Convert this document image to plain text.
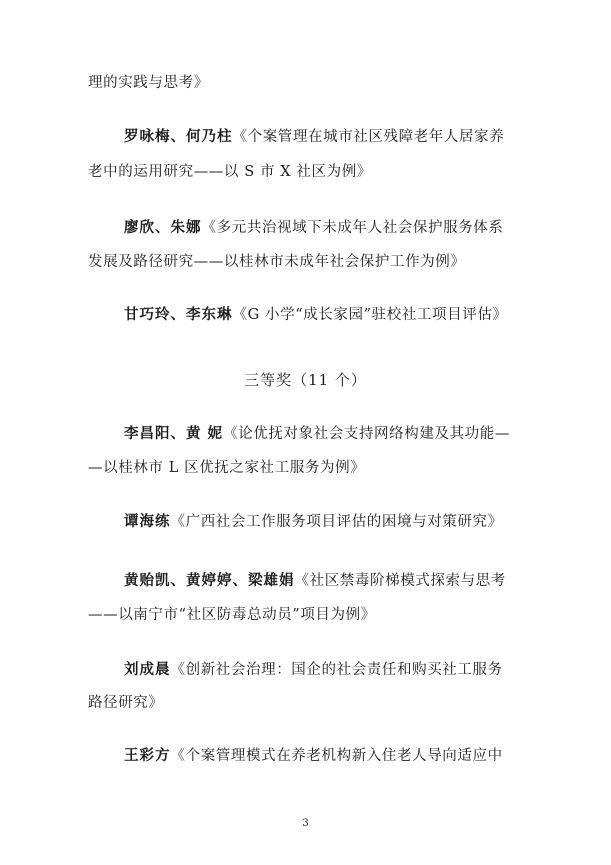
理的实践与思考》
罗咏梅、何乃柱《个案管理在城市社区残障老年人居家养
老中的运用研究——以 S 市 X 社区为例》
廖欣、朱娜《多元共治视域下未成年人社会保护服务体系
发展及路径研究——以桂林市未成年社会保护工作为例》
甘巧玲、李东琳《G 小学“成长家园”驻校社工项目评估》
三等奖（11 个）
李昌阳、黄 妮《论优抚对象社会支持网络构建及其功能—
—以桂林市 L 区优抚之家社工服务为例》
谭海练《广西社会工作服务项目评估的困境与对策研究》
黄贻凯、黄婷婷、梁雄娟《社区禁毒阶梯模式探索与思考
——以南宁市“社区防毒总动员”项目为例》
刘成晨《创新社会治理：国企的社会责任和购买社工服务
路径研究》
王彩方《个案管理模式在养老机构新入住老人导向适应中
3
